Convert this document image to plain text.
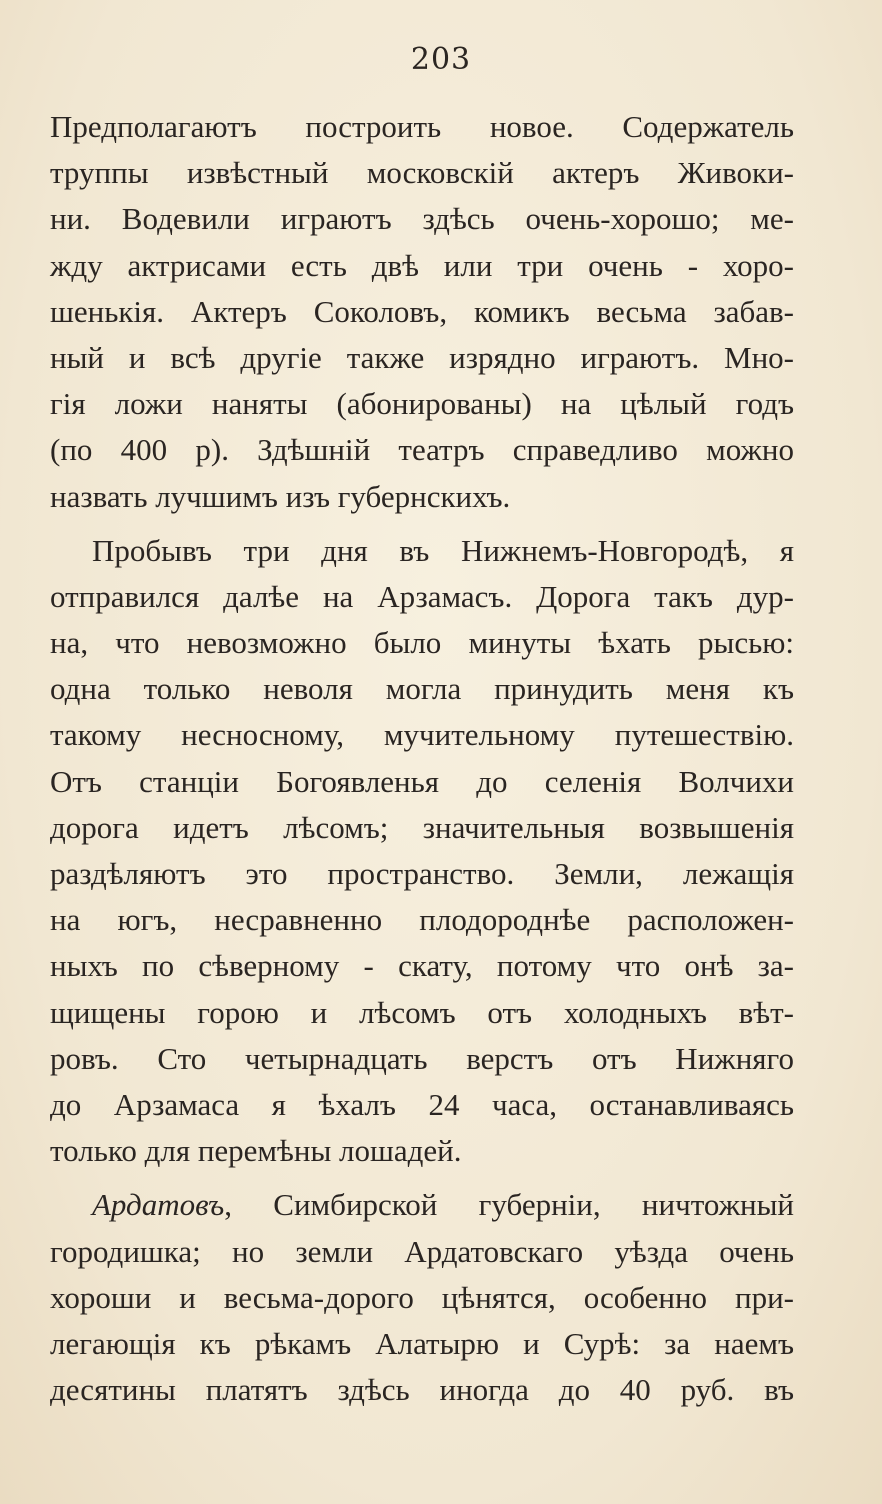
203
Предполагаютъ построить новое. Содержатель
труппы извѣстный московскій актеръ Живоки-
ни. Водевили играютъ здѣсь очень-хорошо; ме-
жду актрисами есть двѣ или три очень - хоро-
шенькія. Актеръ Соколовъ, комикъ весьма забав-
ный и всѣ другіе также изрядно играютъ. Мно-
гія ложи наняты (абонированы) на цѣлый годъ
(по 400 р). Здѣшній театръ справедливо можно
назвать лучшимъ изъ губернскихъ.
Пробывъ три дня въ Нижнемъ-Новгородѣ, я
отправился далѣе на Арзамасъ. Дорога такъ дур-
на, что невозможно было минуты ѣхать рысью:
одна только неволя могла принудить меня къ
такому несносному, мучительному путешествію.
Отъ станціи Богоявленья до селенія Волчихи
дорога идетъ лѣсомъ; значительныя возвышенія
раздѣляютъ это пространство. Земли, лежащія
на югъ, несравненно плодороднѣе расположен-
ныхъ по сѣверному - скату, потому что онѣ за-
щищены горою и лѣсомъ отъ холодныхъ вѣт-
ровъ. Сто четырнадцать верстъ отъ Нижняго
до Арзамаса я ѣхалъ 24 часа, останавливаясь
только для перемѣны лошадей.
Ардатовъ, Симбирской губерніи, ничтожный
городишка; но земли Ардатовскаго уѣзда очень
хороши и весьма-дорого цѣнятся, особенно при-
легающія къ рѣкамъ Алатырю и Сурѣ: за наемъ
десятины платятъ здѣсь иногда до 40 руб. въ
